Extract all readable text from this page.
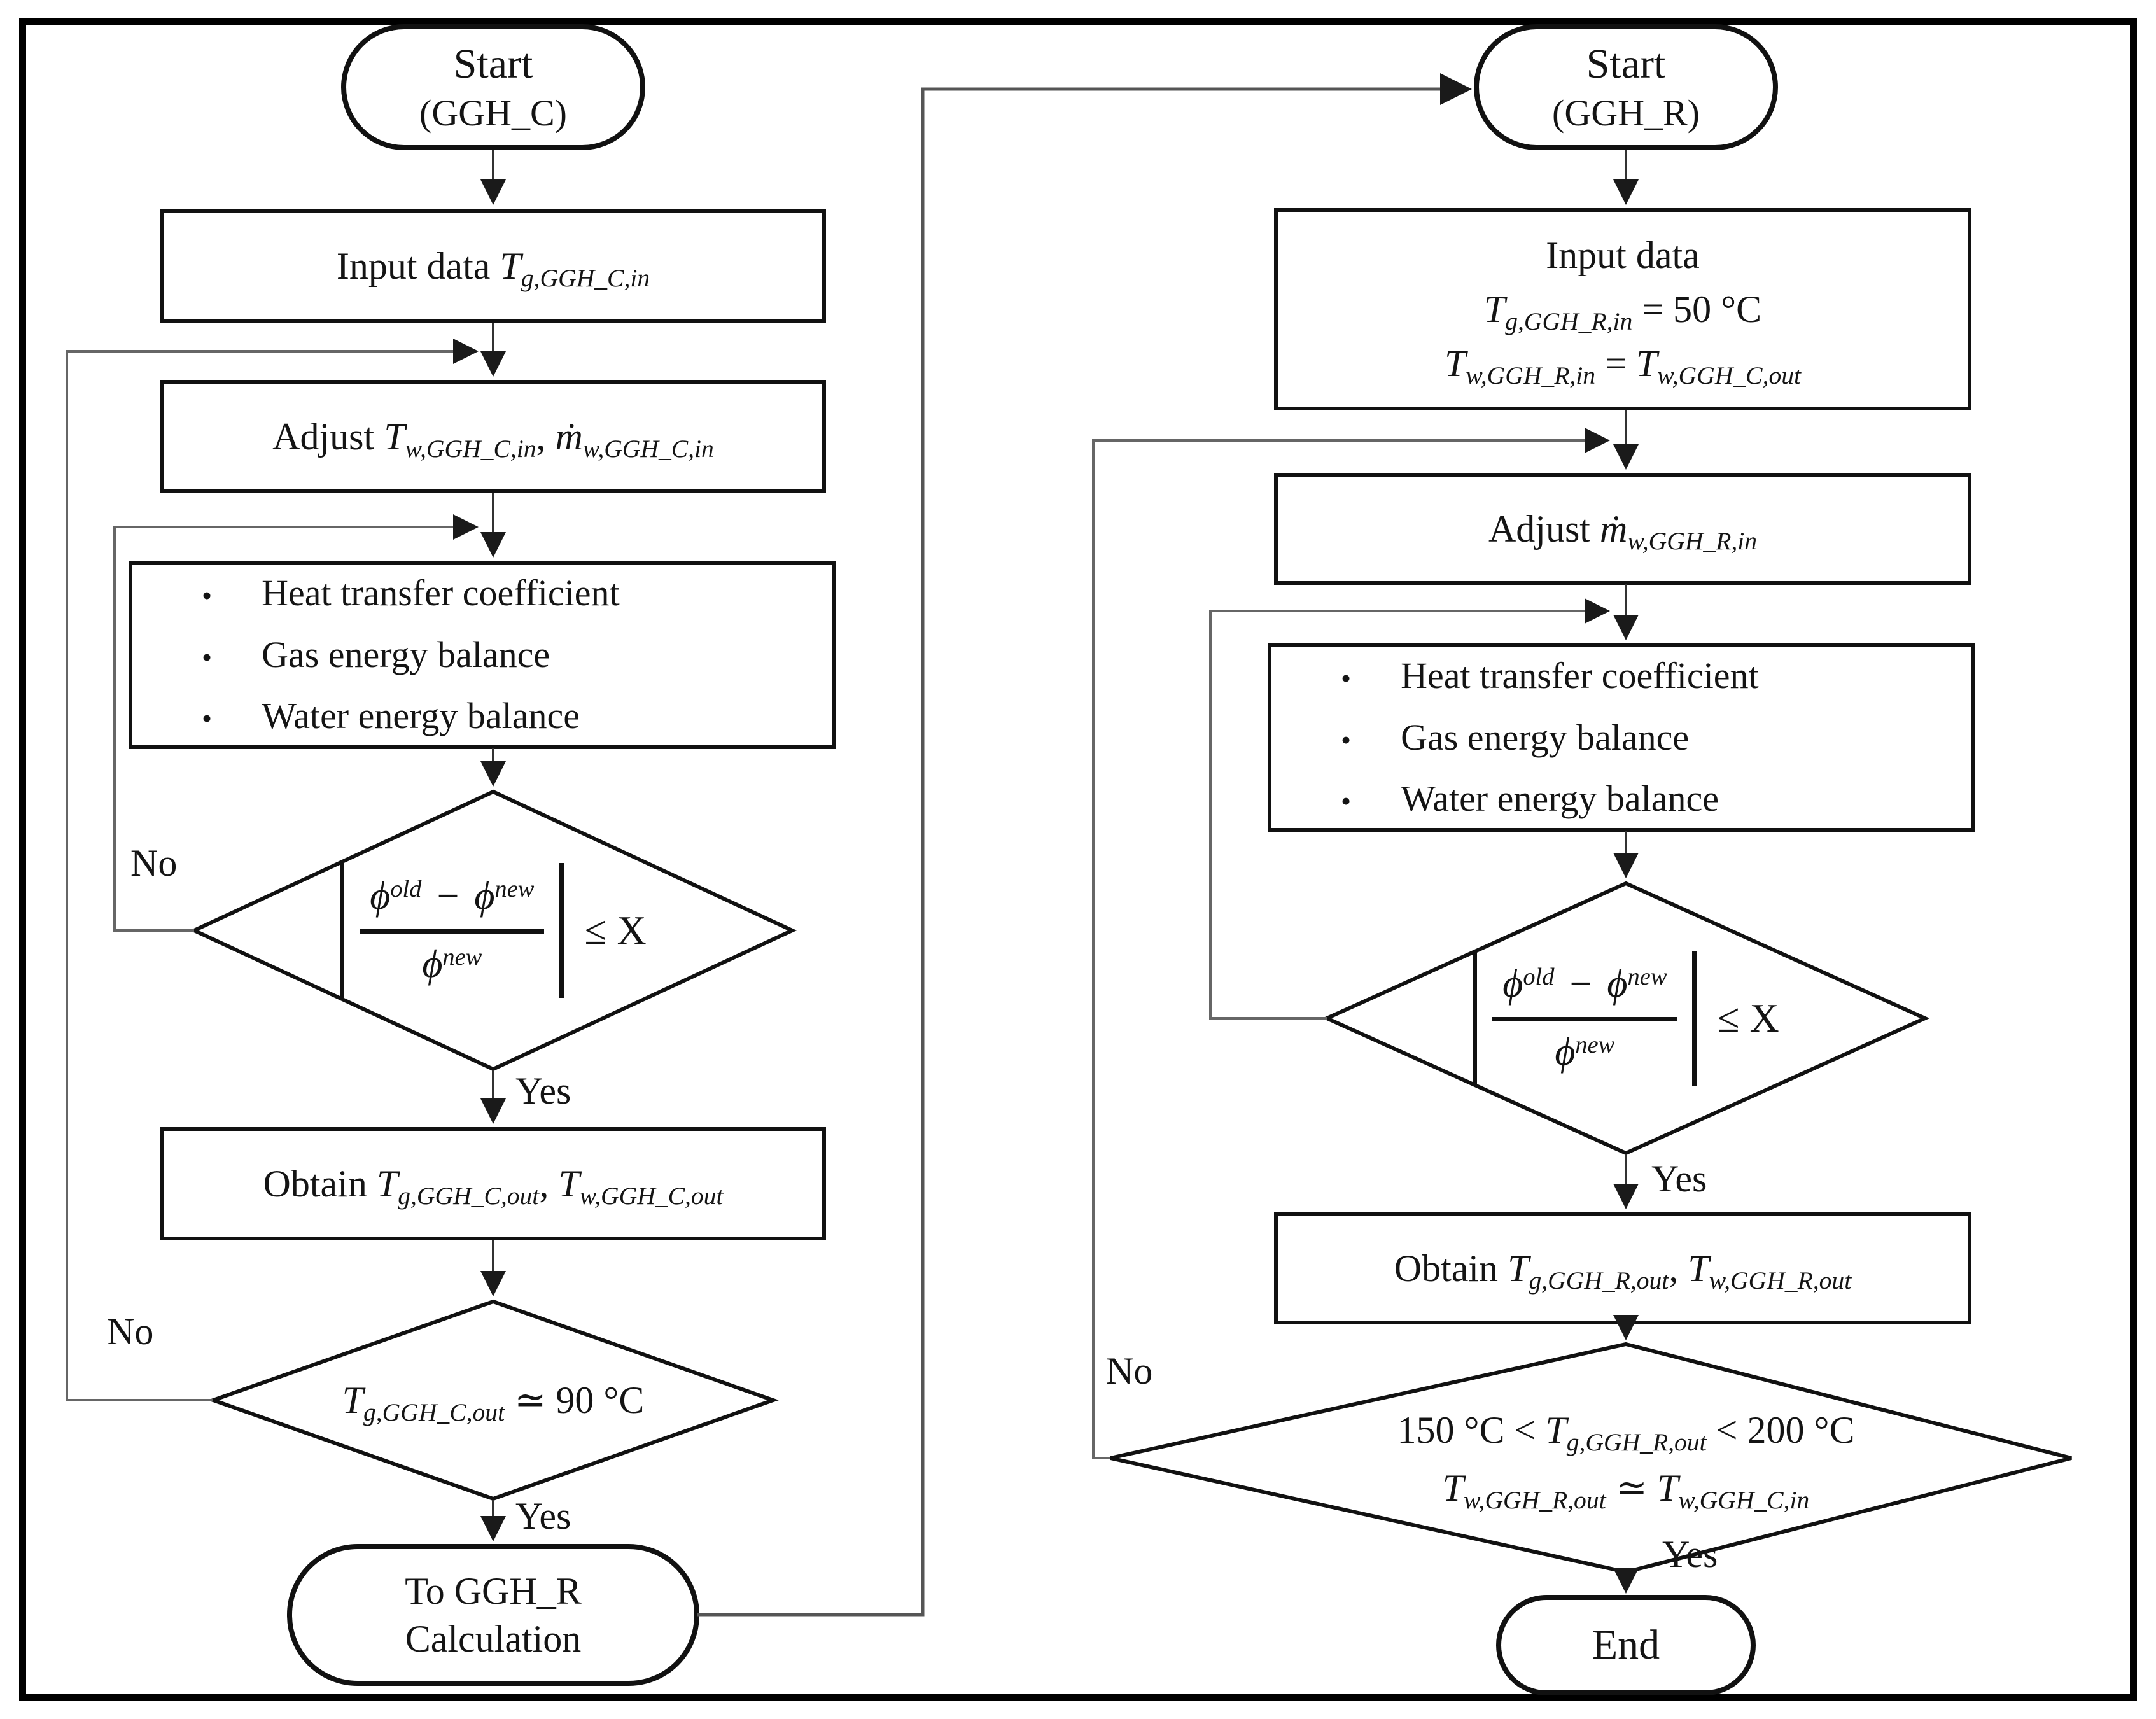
Start
(GGH_C)
Input data $T_{g,GGH\_C,in}$
Adjust $T_{w,GGH\_C,in}$, ṁ$_{w,GGH\_C,in}$
• Heat transfer coefficient
• Gas energy balance
• Water energy balance
$\frac{\phi^{old} - \phi^{new}}{\phi^{new}} \le X$
Obtain $T_{g,GGH\_C,out}$, $T_{w,GGH\_C,out}$
$T_{g,GGH\_C,out}$ ≃ 90 °C
To GGH_R
Calculation
No
Yes
No
Yes
Start
(GGH_R)
Input data
$T_{g,GGH\_R,in} = 50$ °C
$T_{w,GGH\_R,in} = T_{w,GGH\_C,out}$
Adjust ṁ$_{w,GGH\_R,in}$
• Heat transfer coefficient
• Gas energy balance
• Water energy balance
$\frac{\phi^{old} - \phi^{new}}{\phi^{new}} \le X$
Obtain $T_{g,GGH\_R,out}$, $T_{w,GGH\_R,out}$
150 $^\circ C < T_{g,GGH\_R,out} < 200$ °C
$T_{w,GGH\_R,out}$ ≃ $T_{w,GGH\_C,in}$
End
Yes
No
Yes
